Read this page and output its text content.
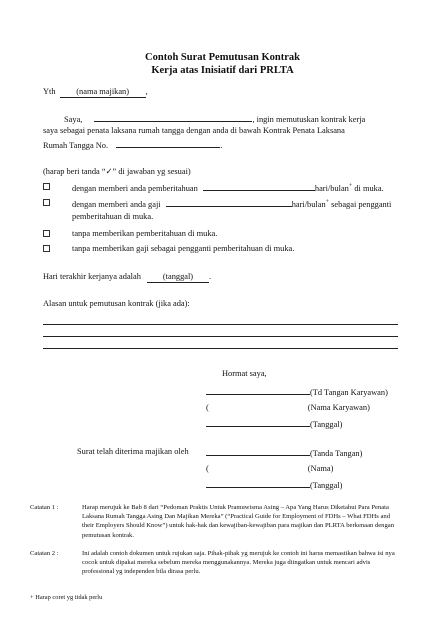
Contoh Surat Pemutusan Kontrak
Kerja atas Inisiatif dari PRLTA
Yth (nama majikan) ,
Saya,	, ingin memutuskan kontrak kerja
saya sebagai penata laksana rumah tangga dengan anda di bawah Kontrak Penata Laksana
Rumah Tangga No.	.
(harap beri tanda “✓” di jawaban yg sesuai)
dengan memberi anda pemberitahuan	hari/bulan+ di muka.
dengan memberi anda gaji	hari/bulan+ sebagai pengganti
pemberitahuan di muka.
tanpa memberikan pemberitahuan di muka.
tanpa memberikan gaji sebagai pengganti pemberitahuan di muka.
Hari terakhir kerjanya adalah	(tanggal) .
Alasan untuk pemutusan kontrak (jika ada):
Hormat saya,
(Td Tangan Karyawan)
(	(Nama Karyawan)
(Tanggal)
Surat telah diterima majikan oleh	(Tanda Tangan)
(	(Nama)
(Tanggal)
Catatan 1 :	Harap merujuk ke Bab 8 dari “Pedoman Praktis Untuk Pramuwisma Asing – Apa Yang Harus Diketahui Para Penata Laksana Rumah Tangga Asing Dan Majikan Mereka” (“Practical Guide for Employment of FDHs – What FDHs and their Employers Should Know”) untuk hak-hak dan kewajiban-kewajiban para majikan dan PLRTA berkenaan dengan pemutusan kontrak.
Catatan 2 :	Ini adalah contoh dokumen untuk rujukan saja. Pihak-pihak yg merujuk ke contoh ini harus memastikan bahwa isi nya cocok untuk dipakai mereka sebelum mereka menggunakannya. Mereka juga diingatkan untuk mencari advis professional yg independen bila dirasa perlu.
+ Harap coret yg tidak perlu
